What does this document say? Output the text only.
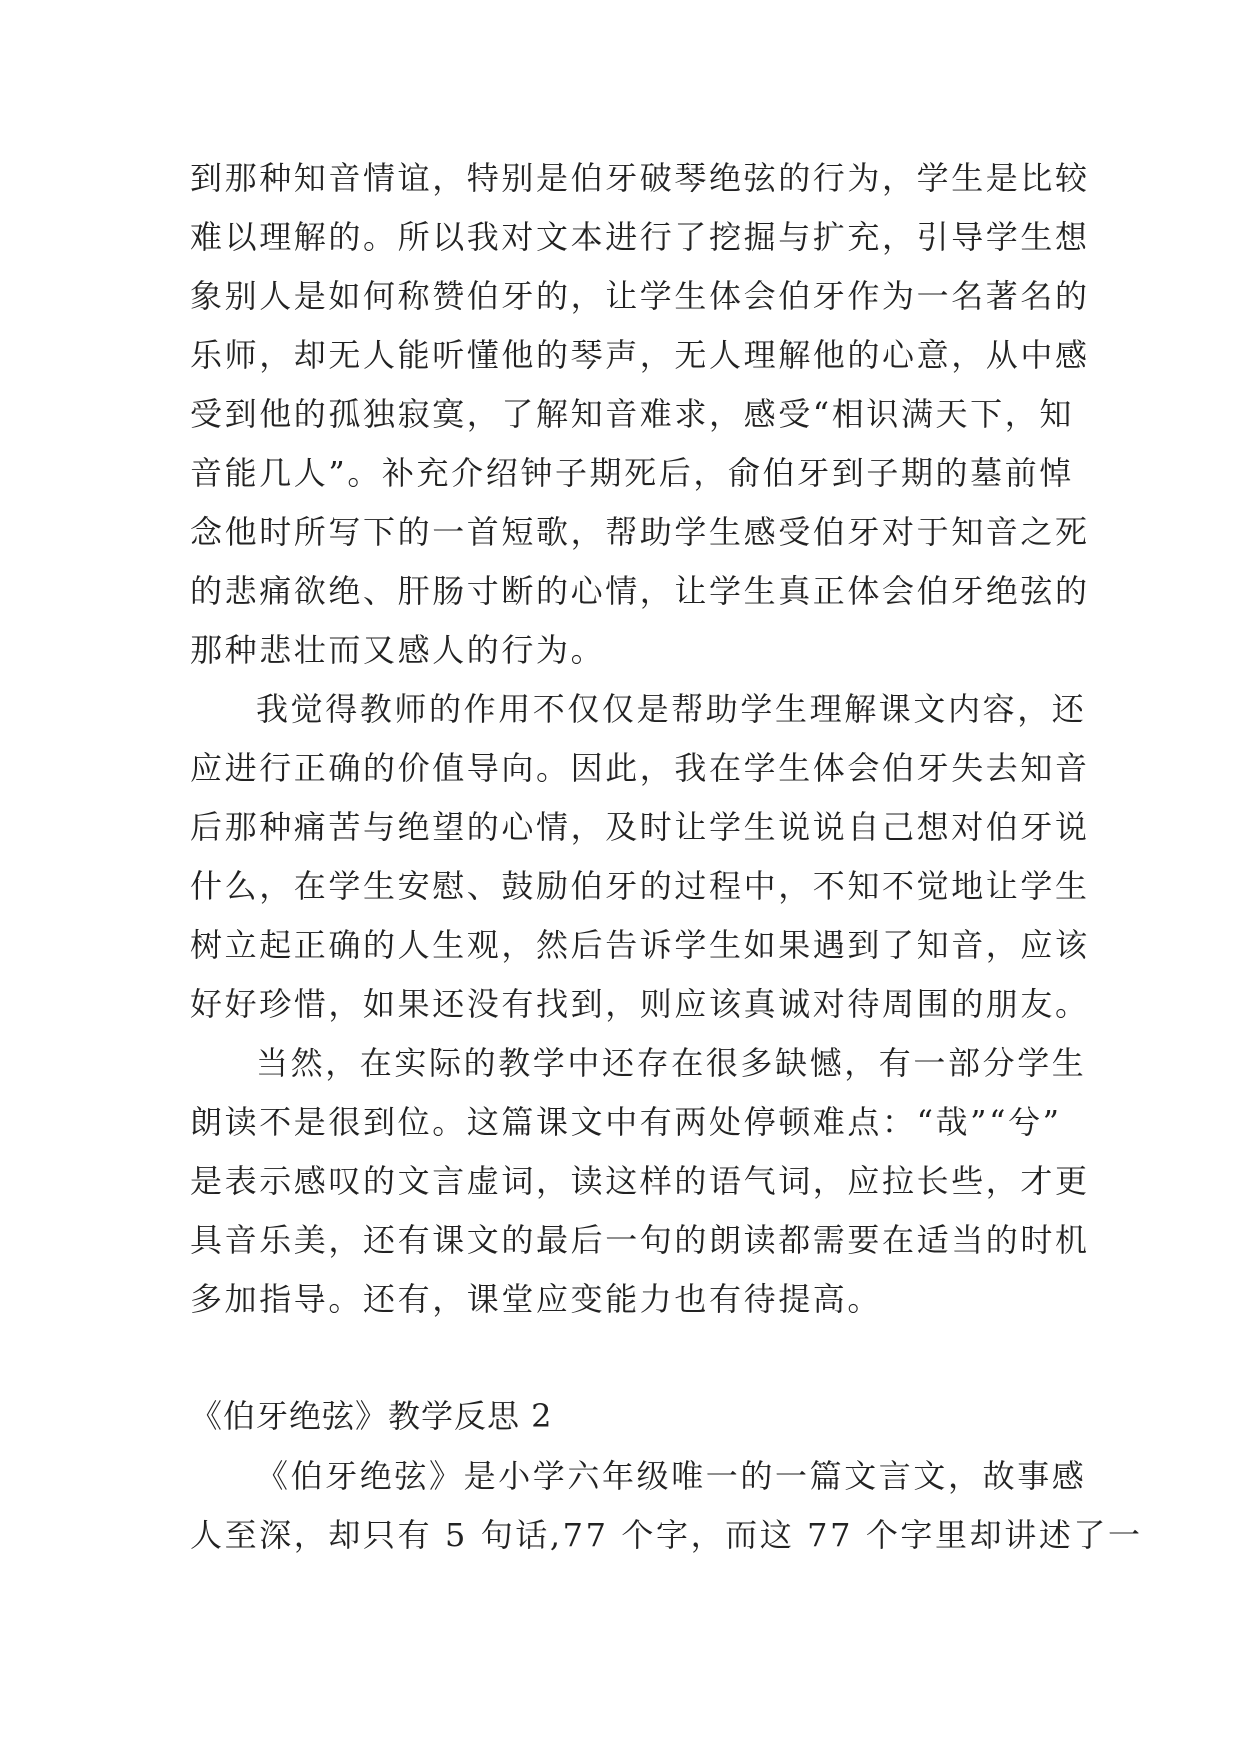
到那种知音情谊，特别是伯牙破琴绝弦的行为，学生是比较
难以理解的。所以我对文本进行了挖掘与扩充，引导学生想
象别人是如何称赞伯牙的，让学生体会伯牙作为一名著名的
乐师，却无人能听懂他的琴声，无人理解他的心意，从中感
受到他的孤独寂寞，了解知音难求，感受“相识满天下，知
音能几人”。补充介绍钟子期死后，俞伯牙到子期的墓前悼
念他时所写下的一首短歌，帮助学生感受伯牙对于知音之死
的悲痛欲绝、肝肠寸断的心情，让学生真正体会伯牙绝弦的
那种悲壮而又感人的行为。
我觉得教师的作用不仅仅是帮助学生理解课文内容，还
应进行正确的价值导向。因此，我在学生体会伯牙失去知音
后那种痛苦与绝望的心情，及时让学生说说自己想对伯牙说
什么，在学生安慰、鼓励伯牙的过程中，不知不觉地让学生
树立起正确的人生观，然后告诉学生如果遇到了知音，应该
好好珍惜，如果还没有找到，则应该真诚对待周围的朋友。
当然，在实际的教学中还存在很多缺憾，有一部分学生
朗读不是很到位。这篇课文中有两处停顿难点：“哉”“兮”
是表示感叹的文言虚词，读这样的语气词，应拉长些，才更
具音乐美，还有课文的最后一句的朗读都需要在适当的时机
多加指导。还有，课堂应变能力也有待提高。
《伯牙绝弦》教学反思 2
《伯牙绝弦》是小学六年级唯一的一篇文言文，故事感
人至深，却只有 5 句话,77 个字，而这 77 个字里却讲述了一
